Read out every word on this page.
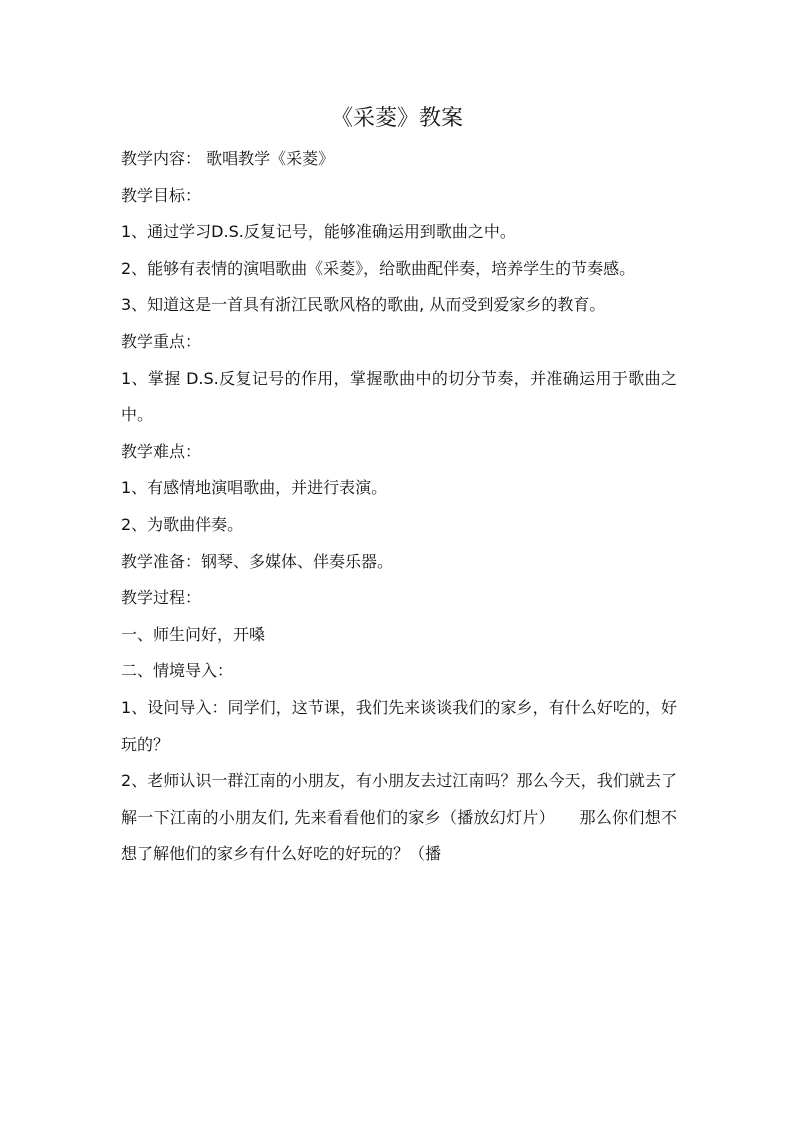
《采菱》教案

教学内容： 歌唱教学《采菱》

教学目标：

1、通过学习D.S.反复记号，能够准确运用到歌曲之中。

2、能够有表情的演唱歌曲《采菱》，给歌曲配伴奏，培养学生的节奏感。

3、知道这是一首具有浙江民歌风格的歌曲, 从而受到爱家乡的教育。

教学重点：

1、掌握 D.S.反复记号的作用，掌握歌曲中的切分节奏，并准确运用于歌曲之中。

教学难点：

1、有感情地演唱歌曲，并进行表演。

2、为歌曲伴奏。

教学准备：钢琴、多媒体、伴奏乐器。

教学过程：

一、师生问好，开嗓

二、情境导入：

1、设问导入：同学们，这节课，我们先来谈谈我们的家乡，有什么好吃的，好玩的？

2、老师认识一群江南的小朋友，有小朋友去过江南吗？那么今天，我们就去了解一下江南的小朋友们, 先来看看他们的家乡（播放幻灯片）　　那么你们想不想了解他们的家乡有什么好吃的好玩的？（播
